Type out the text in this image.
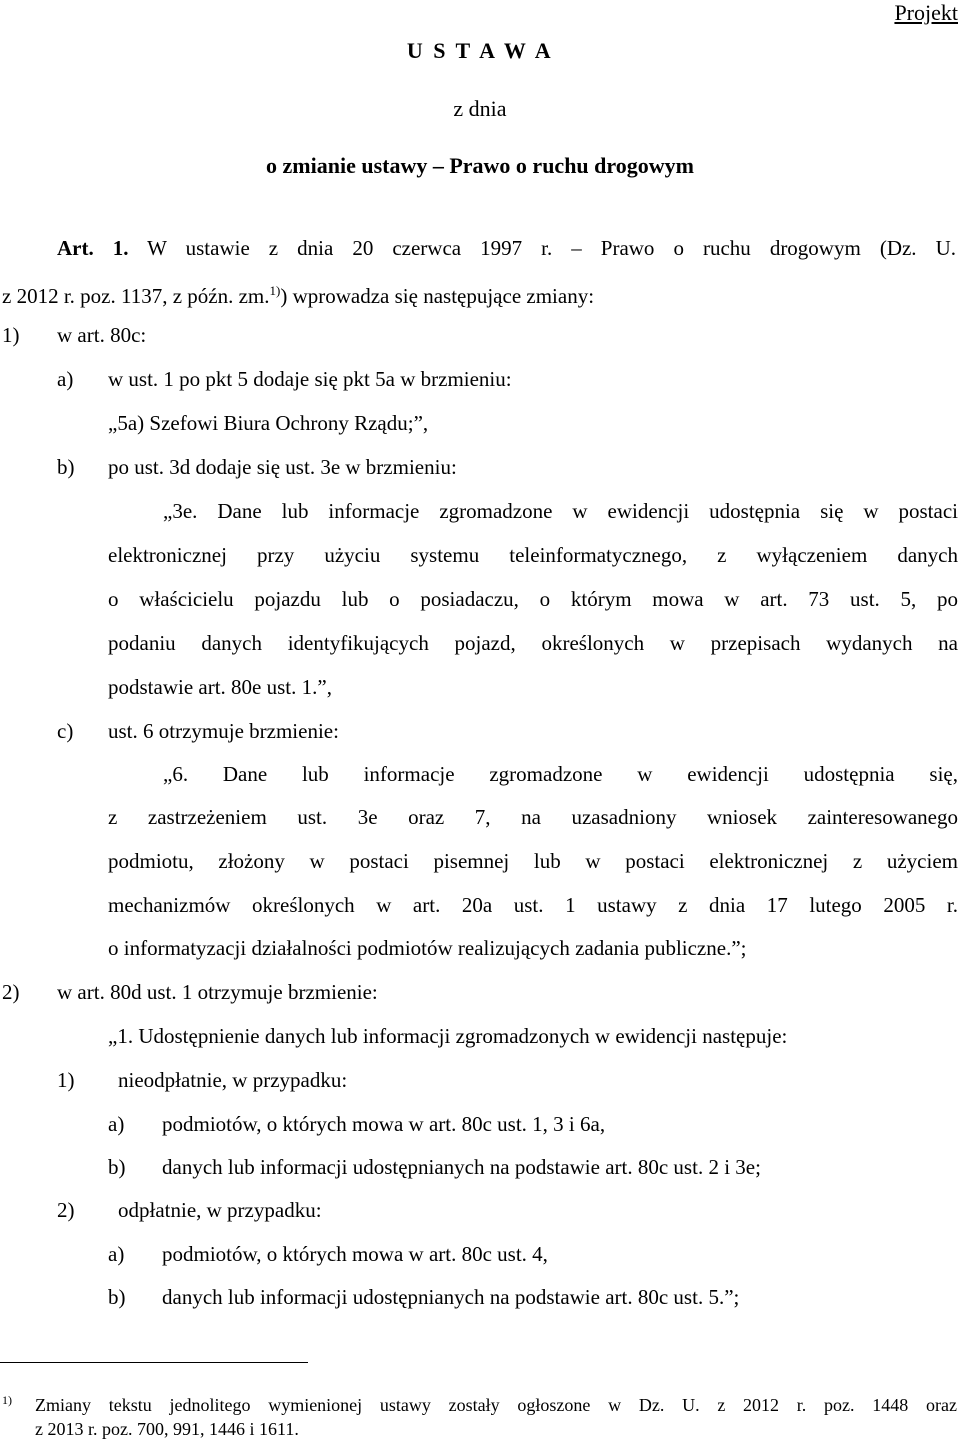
Projekt
U S T A W A
z dnia
o zmianie ustawy – Prawo o ruchu drogowym
Art. 1. W ustawie z dnia 20 czerwca 1997 r. – Prawo o ruchu drogowym (Dz. U.
z 2012 r. poz. 1137, z późn. zm.$^{1)}$) wprowadza się następujące zmiany:
1) w art. 80c:
a) w ust. 1 po pkt 5 dodaje się pkt 5a w brzmieniu:
„5a) Szefowi Biura Ochrony Rządu;”,
b) po ust. 3d dodaje się ust. 3e w brzmieniu:
„3e. Dane lub informacje zgromadzone w ewidencji udostępnia się w postaci
elektronicznej przy użyciu systemu teleinformatycznego, z wyłączeniem danych
o właścicielu pojazdu lub o posiadaczu, o którym mowa w art. 73 ust. 5, po
podaniu danych identyfikujących pojazd, określonych w przepisach wydanych na
podstawie art. 80e ust. 1.”,
c) ust. 6 otrzymuje brzmienie:
„6. Dane lub informacje zgromadzone w ewidencji udostępnia się,
z zastrzeżeniem ust. 3e oraz 7, na uzasadniony wniosek zainteresowanego
podmiotu, złożony w postaci pisemnej lub w postaci elektronicznej z użyciem
mechanizmów określonych w art. 20a ust. 1 ustawy z dnia 17 lutego 2005 r.
o informatyzacji działalności podmiotów realizujących zadania publiczne.”;
2) w art. 80d ust. 1 otrzymuje brzmienie:
„1. Udostępnienie danych lub informacji zgromadzonych w ewidencji następuje:
1) nieodpłatnie, w przypadku:
a) podmiotów, o których mowa w art. 80c ust. 1, 3 i 6a,
b) danych lub informacji udostępnianych na podstawie art. 80c ust. 2 i 3e;
2) odpłatnie, w przypadku:
a) podmiotów, o których mowa w art. 80c ust. 4,
b) danych lub informacji udostępnianych na podstawie art. 80c ust. 5.”;
1) Zmiany tekstu jednolitego wymienionej ustawy zostały ogłoszone w Dz. U. z 2012 r. poz. 1448 oraz
z 2013 r. poz. 700, 991, 1446 i 1611.
